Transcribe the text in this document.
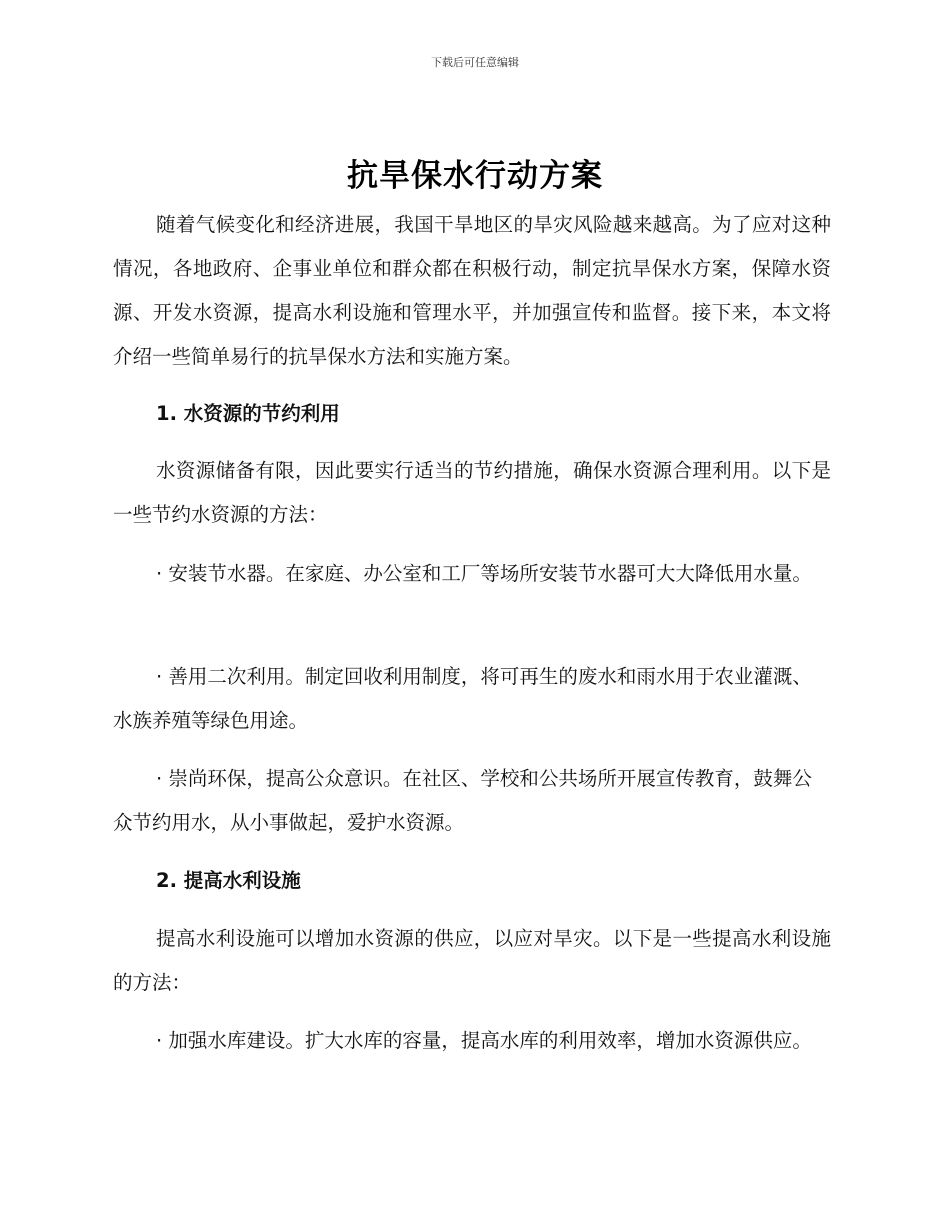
下载后可任意编辑
抗旱保水行动方案

随着气候变化和经济进展，我国干旱地区的旱灾风险越来越高。为了应对这种情况，各地政府、企事业单位和群众都在积极行动，制定抗旱保水方案，保障水资源、开发水资源，提高水利设施和管理水平，并加强宣传和监督。接下来，本文将介绍一些简单易行的抗旱保水方法和实施方案。

1. 水资源的节约利用

水资源储备有限，因此要实行适当的节约措施，确保水资源合理利用。以下是一些节约水资源的方法：

· 安装节水器。在家庭、办公室和工厂等场所安装节水器可大大降低用水量。

· 善用二次利用。制定回收利用制度，将可再生的废水和雨水用于农业灌溉、水族养殖等绿色用途。

· 崇尚环保，提高公众意识。在社区、学校和公共场所开展宣传教育，鼓舞公众节约用水，从小事做起，爱护水资源。

2. 提高水利设施

提高水利设施可以增加水资源的供应，以应对旱灾。以下是一些提高水利设施的方法：

· 加强水库建设。扩大水库的容量，提高水库的利用效率，增加水资源供应。
